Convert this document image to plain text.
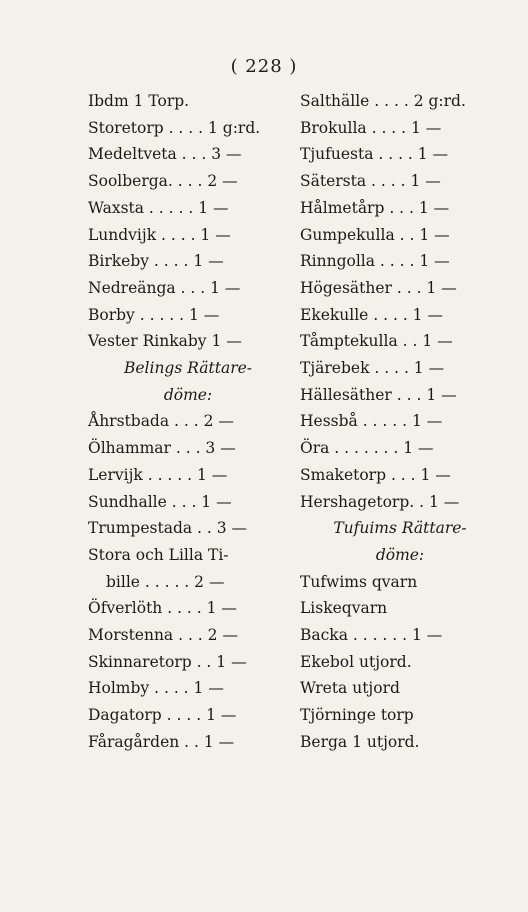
( 228 )
Ibdm 1 Torp.
Storetorp . . . . 1 g:rd.
Medeltveta . . . 3 —
Soolberga. . . . 2 —
Waxsta . . . . . 1 —
Lundvijk . . . . 1 —
Birkeby . . . . 1 —
Nedreänga . . . 1 —
Borby . . . . . 1 —
Vester Rinkaby 1 —
Belings Rättare-
döme:
Åhrstbada . . . 2 —
Ölhammar . . . 3 —
Lervijk . . . . . 1 —
Sundhalle . . . 1 —
Trumpestada . . 3 —
Stora och Lilla Ti-
bille . . . . . 2 —
Öfverlöth . . . . 1 —
Morstenna . . . 2 —
Skinnaretorp . . 1 —
Holmby . . . . 1 —
Dagatorp . . . . 1 —
Fåragården . . 1 —
Salthälle . . . . 2 g:rd.
Brokulla . . . . 1 —
Tjufuesta . . . . 1 —
Sätersta . . . . 1 —
Hålmetårp . . . 1 —
Gumpekulla . . 1 —
Rinngolla . . . . 1 —
Högesäther . . . 1 —
Ekekulle . . . . 1 —
Tåmptekulla . . 1 —
Tjärebek . . . . 1 —
Hällesäther . . . 1 —
Hessbå . . . . . 1 —
Öra . . . . . . . 1 —
Smaketorp . . . 1 —
Hershagetorp. . 1 —
Tufuims Rättare-
döme:
Tufwims qvarn
Liskeqvarn
Backa . . . . . . 1 —
Ekebol utjord.
Wreta utjord
Tjörninge torp
Berga 1 utjord.
